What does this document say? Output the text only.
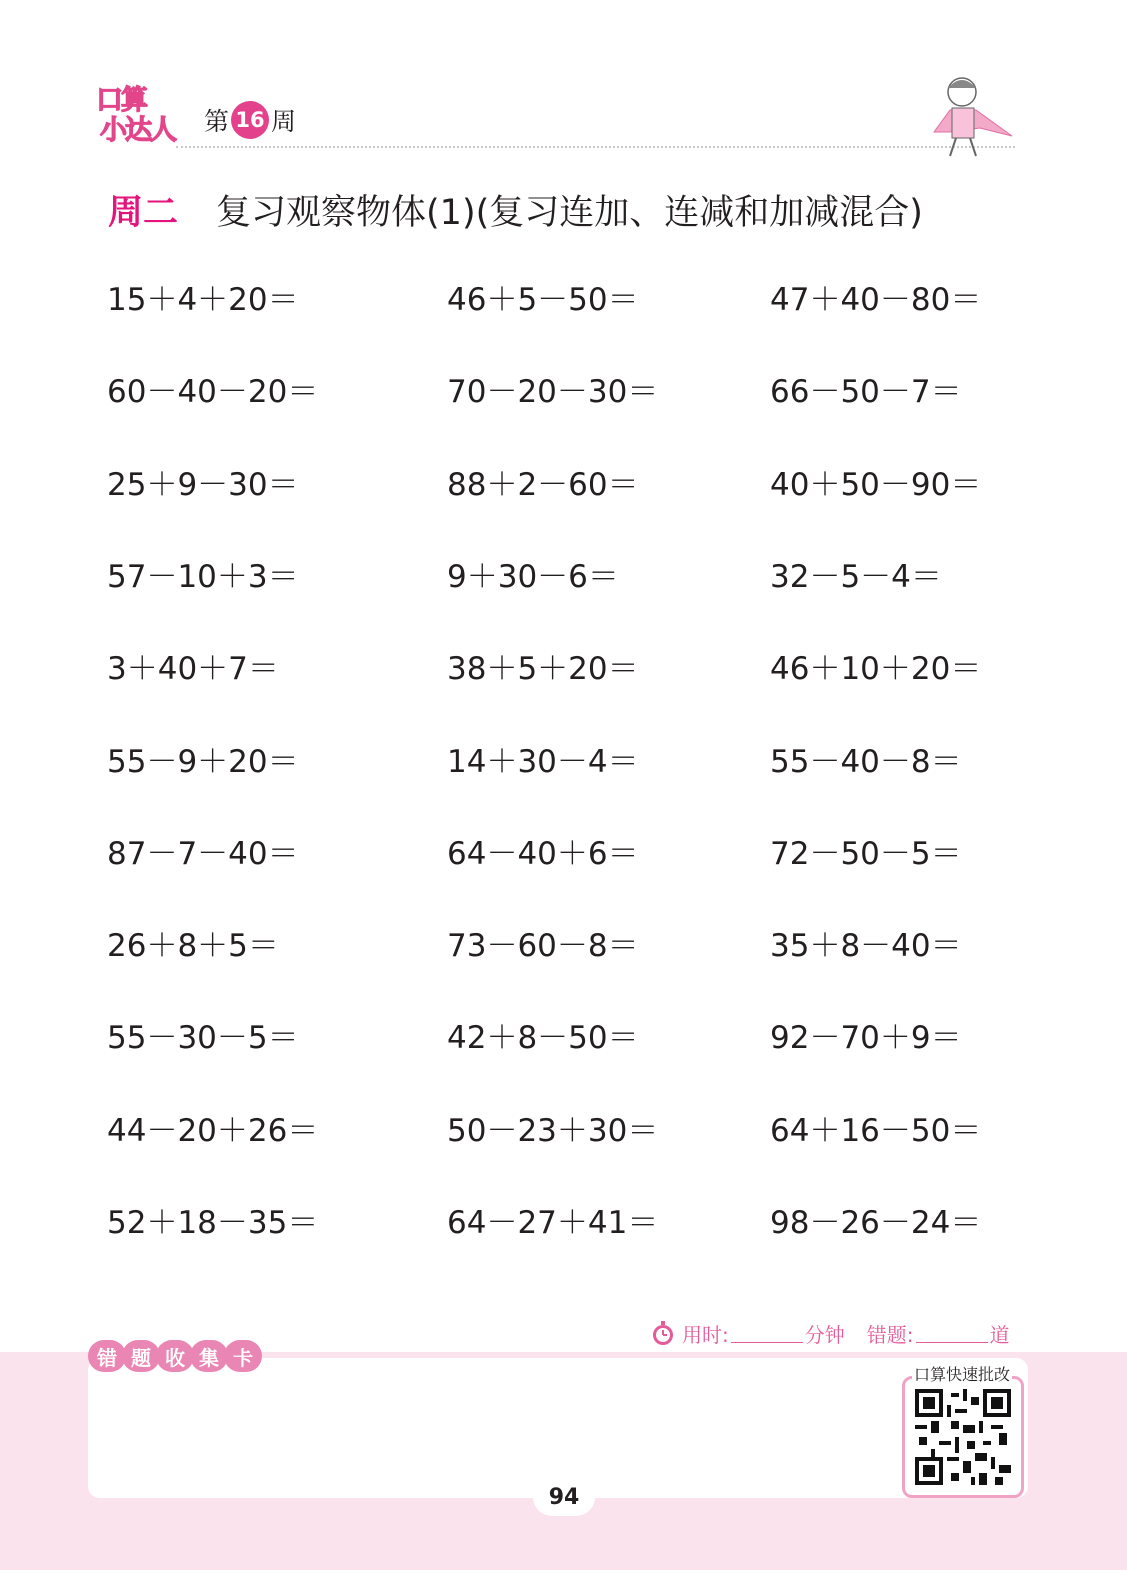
口算
小达人 第 16 周
周二 复习观察物体(1)(复习连加、连减和加减混合)
15＋4＋20＝	46＋5－50＝	47＋40－80＝
60－40－20＝	70－20－30＝	66－50－7＝
25＋9－30＝	88＋2－60＝	40＋50－90＝
57－10＋3＝	9＋30－6＝	32－5－4＝
3＋40＋7＝	38＋5＋20＝	46＋10＋20＝
55－9＋20＝	14＋30－4＝	55－40－8＝
87－7－40＝	64－40＋6＝	72－50－5＝
26＋8＋5＝	73－60－8＝	35＋8－40＝
55－30－5＝	42＋8－50＝	92－70＋9＝
44－20＋26＝	50－23＋30＝	64＋16－50＝
52＋18－35＝	64－27＋41＝	98－26－24＝
用时:	分钟 错题:	道
错 题 收 集 卡
口算快速批改
94
